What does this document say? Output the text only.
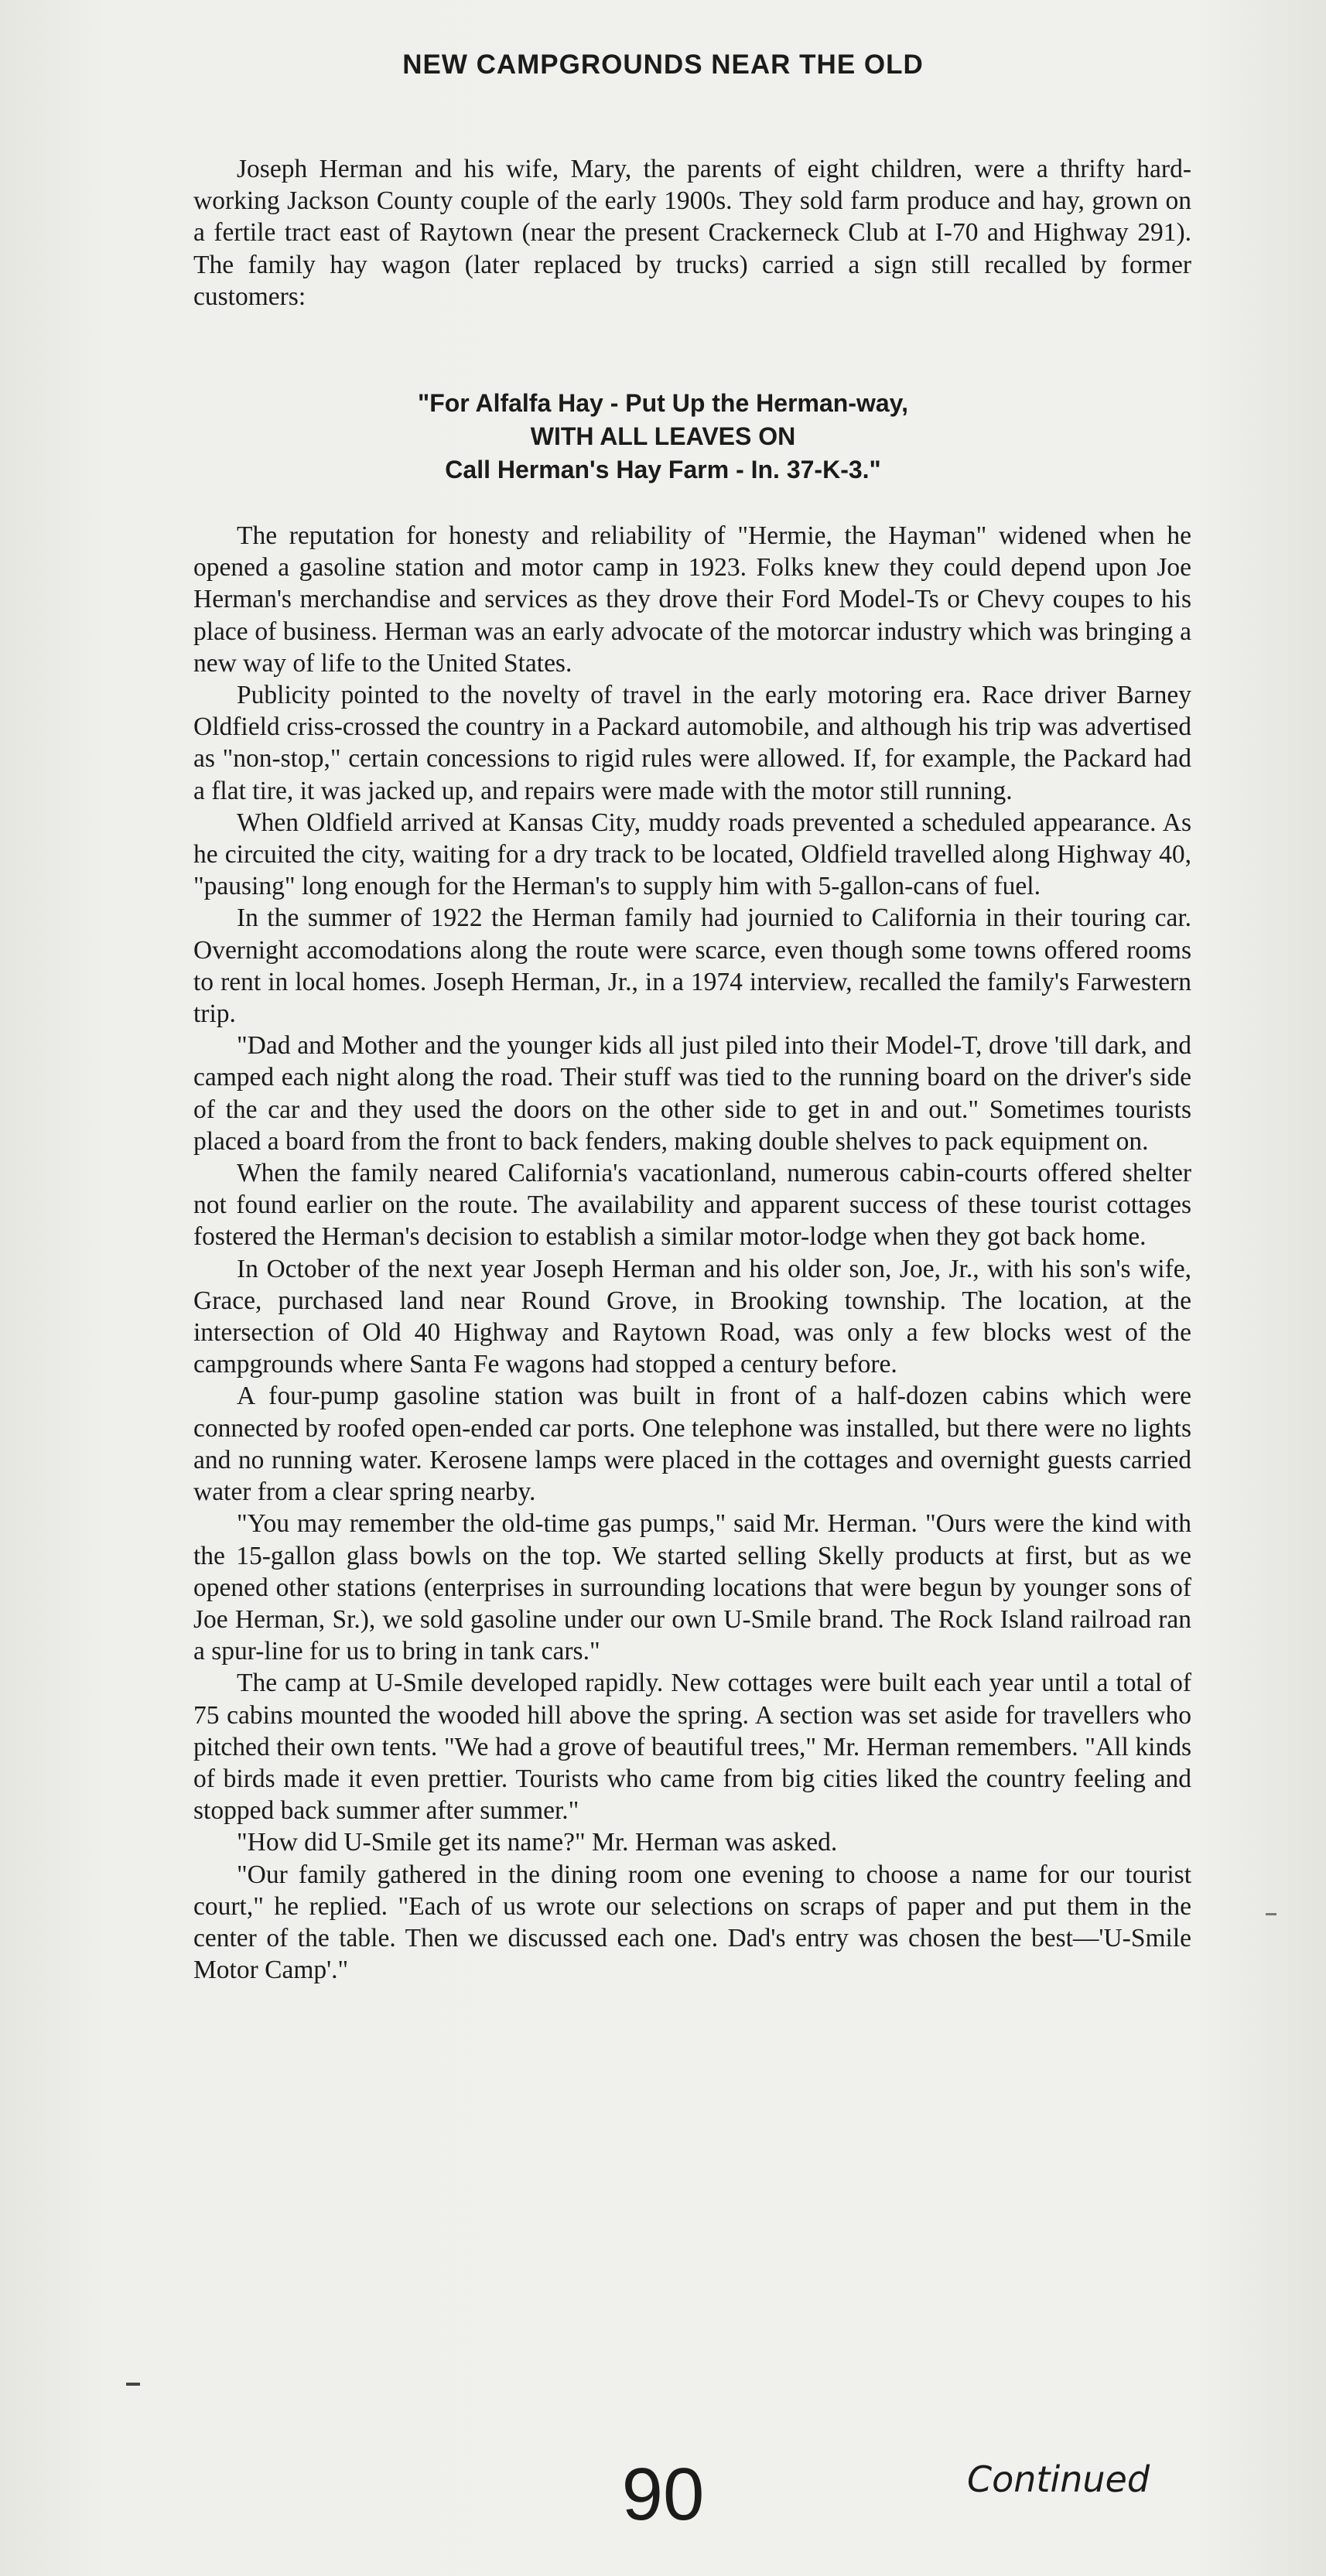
NEW CAMPGROUNDS NEAR THE OLD

Joseph Herman and his wife, Mary, the parents of eight children, were a thrifty hard-working Jackson County couple of the early 1900s. They sold farm produce and hay, grown on a fertile tract east of Raytown (near the present Crackerneck Club at I-70 and Highway 291). The family hay wagon (later replaced by trucks) carried a sign still recalled by former customers:

"For Alfalfa Hay - Put Up the Herman-way,
WITH ALL LEAVES ON
Call Herman's Hay Farm - In. 37-K-3."

The reputation for honesty and reliability of "Hermie, the Hayman" widened when he opened a gasoline station and motor camp in 1923. Folks knew they could depend upon Joe Herman's merchandise and services as they drove their Ford Model-Ts or Chevy coupes to his place of business. Herman was an early advocate of the motorcar industry which was bringing a new way of life to the United States.

Publicity pointed to the novelty of travel in the early motoring era. Race driver Barney Oldfield criss-crossed the country in a Packard automobile, and although his trip was advertised as "non-stop," certain concessions to rigid rules were allowed. If, for example, the Packard had a flat tire, it was jacked up, and repairs were made with the motor still running.

When Oldfield arrived at Kansas City, muddy roads prevented a scheduled appearance. As he circuited the city, waiting for a dry track to be located, Oldfield travelled along Highway 40, "pausing" long enough for the Herman's to supply him with 5-gallon-cans of fuel.

In the summer of 1922 the Herman family had journied to California in their touring car. Overnight accomodations along the route were scarce, even though some towns offered rooms to rent in local homes. Joseph Herman, Jr., in a 1974 interview, recalled the family's Farwestern trip.

"Dad and Mother and the younger kids all just piled into their Model-T, drove 'till dark, and camped each night along the road. Their stuff was tied to the running board on the driver's side of the car and they used the doors on the other side to get in and out." Sometimes tourists placed a board from the front to back fenders, making double shelves to pack equipment on.

When the family neared California's vacationland, numerous cabin-courts offered shelter not found earlier on the route. The availability and apparent success of these tourist cottages fostered the Herman's decision to establish a similar motor-lodge when they got back home.

In October of the next year Joseph Herman and his older son, Joe, Jr., with his son's wife, Grace, purchased land near Round Grove, in Brooking township. The location, at the intersection of Old 40 Highway and Raytown Road, was only a few blocks west of the campgrounds where Santa Fe wagons had stopped a century before.

A four-pump gasoline station was built in front of a half-dozen cabins which were connected by roofed open-ended car ports. One telephone was installed, but there were no lights and no running water. Kerosene lamps were placed in the cottages and overnight guests carried water from a clear spring nearby.

"You may remember the old-time gas pumps," said Mr. Herman. "Ours were the kind with the 15-gallon glass bowls on the top. We started selling Skelly products at first, but as we opened other stations (enterprises in surrounding locations that were begun by younger sons of Joe Herman, Sr.), we sold gasoline under our own U-Smile brand. The Rock Island railroad ran a spur-line for us to bring in tank cars."

The camp at U-Smile developed rapidly. New cottages were built each year until a total of 75 cabins mounted the wooded hill above the spring. A section was set aside for travellers who pitched their own tents. "We had a grove of beautiful trees," Mr. Herman remembers. "All kinds of birds made it even prettier. Tourists who came from big cities liked the country feeling and stopped back summer after summer."

"How did U-Smile get its name?" Mr. Herman was asked.

"Our family gathered in the dining room one evening to choose a name for our tourist court," he replied. "Each of us wrote our selections on scraps of paper and put them in the center of the table. Then we discussed each one. Dad's entry was chosen the best—'U-Smile Motor Camp'."

90	Continued
